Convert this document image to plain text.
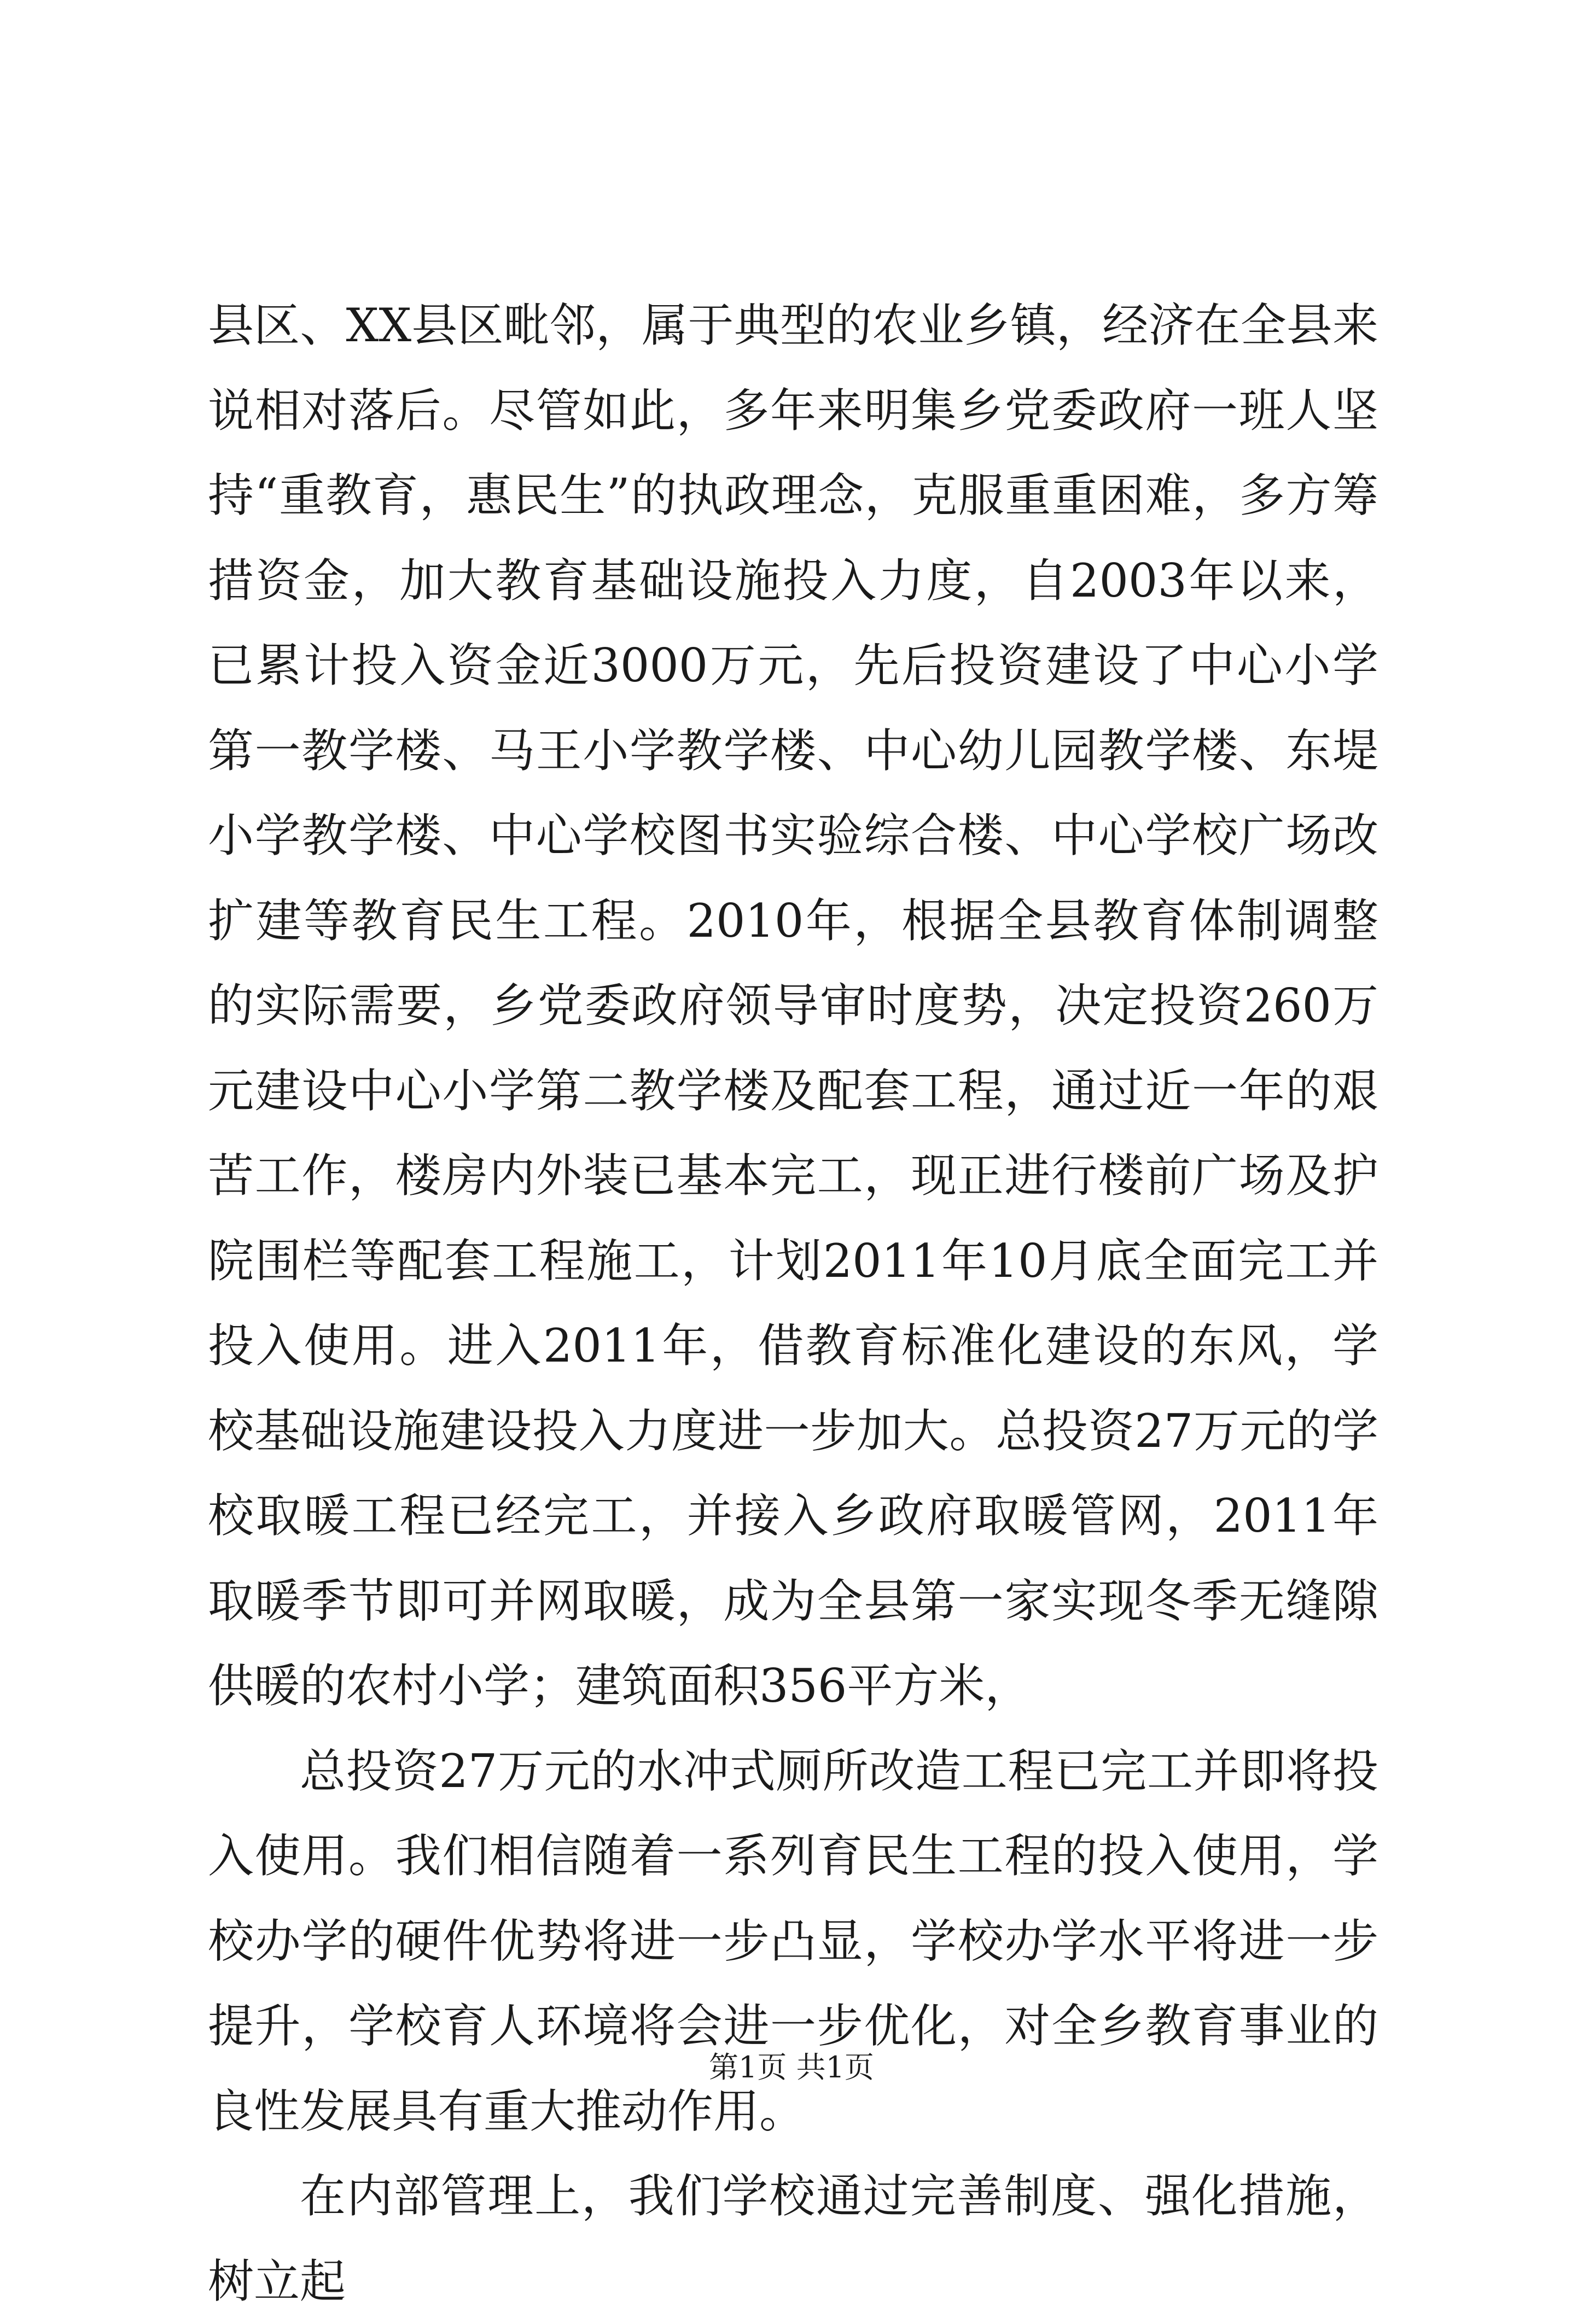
县区、XX县区毗邻，属于典型的农业乡镇，经济在全县来说相对落后。尽管如此，多年来明集乡党委政府一班人坚持“重教育，惠民生”的执政理念，克服重重困难，多方筹措资金，加大教育基础设施投入力度，自2003年以来，已累计投入资金近3000万元，先后投资建设了中心小学第一教学楼、马王小学教学楼、中心幼儿园教学楼、东堤小学教学楼、中心学校图书实验综合楼、中心学校广场改扩建等教育民生工程。2010年，根据全县教育体制调整的实际需要，乡党委政府领导审时度势，决定投资260万元建设中心小学第二教学楼及配套工程，通过近一年的艰苦工作，楼房内外装已基本完工，现正进行楼前广场及护院围栏等配套工程施工，计划2011年10月底全面完工并投入使用。进入2011年，借教育标准化建设的东风，学校基础设施建设投入力度进一步加大。总投资27万元的学校取暖工程已经完工，并接入乡政府取暖管网，2011年取暖季节即可并网取暖，成为全县第一家实现冬季无缝隙供暖的农村小学；建筑面积356平方米，

总投资27万元的水冲式厕所改造工程已完工并即将投入使用。我们相信随着一系列育民生工程的投入使用，学校办学的硬件优势将进一步凸显，学校办学水平将进一步提升，学校育人环境将会进一步优化，对全乡教育事业的良性发展具有重大推动作用。

在内部管理上，我们学校通过完善制度、强化措施，树立起

第1页 共1页
